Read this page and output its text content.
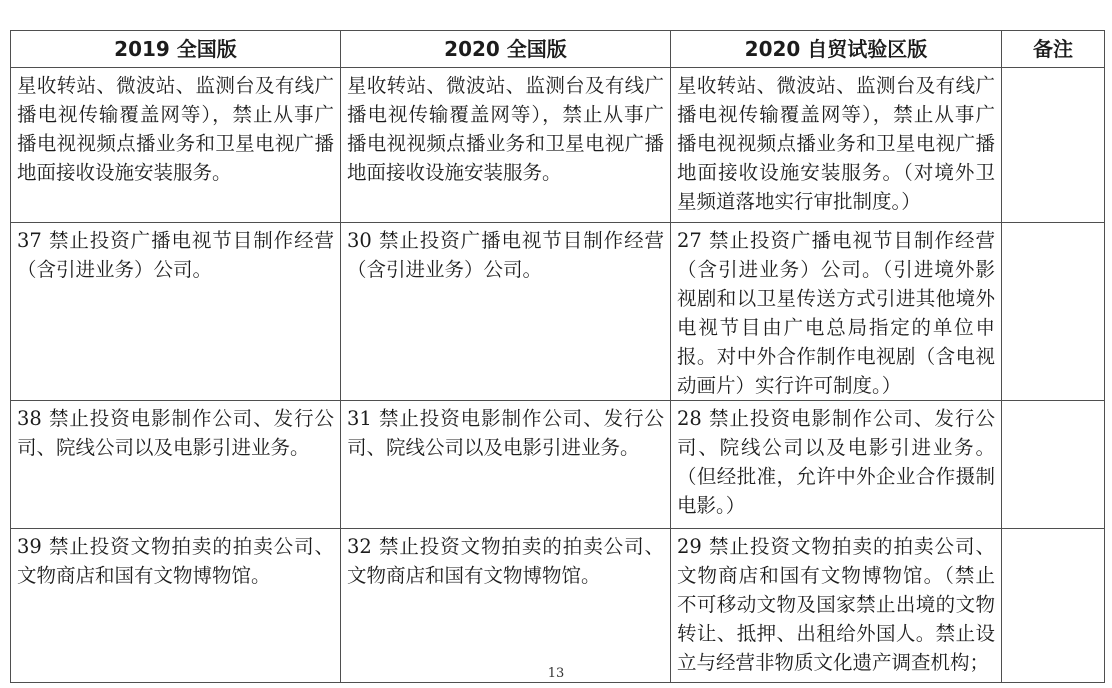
2019 全国版	2020 全国版	2020 自贸试验区版	备注
星收转站、微波站、监测台及有线广播电视传输覆盖网等），禁止从事广播电视视频点播业务和卫星电视广播地面接收设施安装服务。	星收转站、微波站、监测台及有线广播电视传输覆盖网等），禁止从事广播电视视频点播业务和卫星电视广播地面接收设施安装服务。	星收转站、微波站、监测台及有线广播电视传输覆盖网等），禁止从事广播电视视频点播业务和卫星电视广播地面接收设施安装服务。（对境外卫星频道落地实行审批制度。）	
37 禁止投资广播电视节目制作经营（含引进业务）公司。	30 禁止投资广播电视节目制作经营（含引进业务）公司。	27 禁止投资广播电视节目制作经营（含引进业务）公司。（引进境外影视剧和以卫星传送方式引进其他境外电视节目由广电总局指定的单位申报。对中外合作制作电视剧（含电视动画片）实行许可制度。）	
38 禁止投资电影制作公司、发行公司、院线公司以及电影引进业务。	31 禁止投资电影制作公司、发行公司、院线公司以及电影引进业务。	28 禁止投资电影制作公司、发行公司、院线公司以及电影引进业务。（但经批准，允许中外企业合作摄制电影。）	
39 禁止投资文物拍卖的拍卖公司、文物商店和国有文物博物馆。	32 禁止投资文物拍卖的拍卖公司、文物商店和国有文物博物馆。	29 禁止投资文物拍卖的拍卖公司、文物商店和国有文物博物馆。（禁止不可移动文物及国家禁止出境的文物转让、抵押、出租给外国人。禁止设立与经营非物质文化遗产调查机构；	
13
